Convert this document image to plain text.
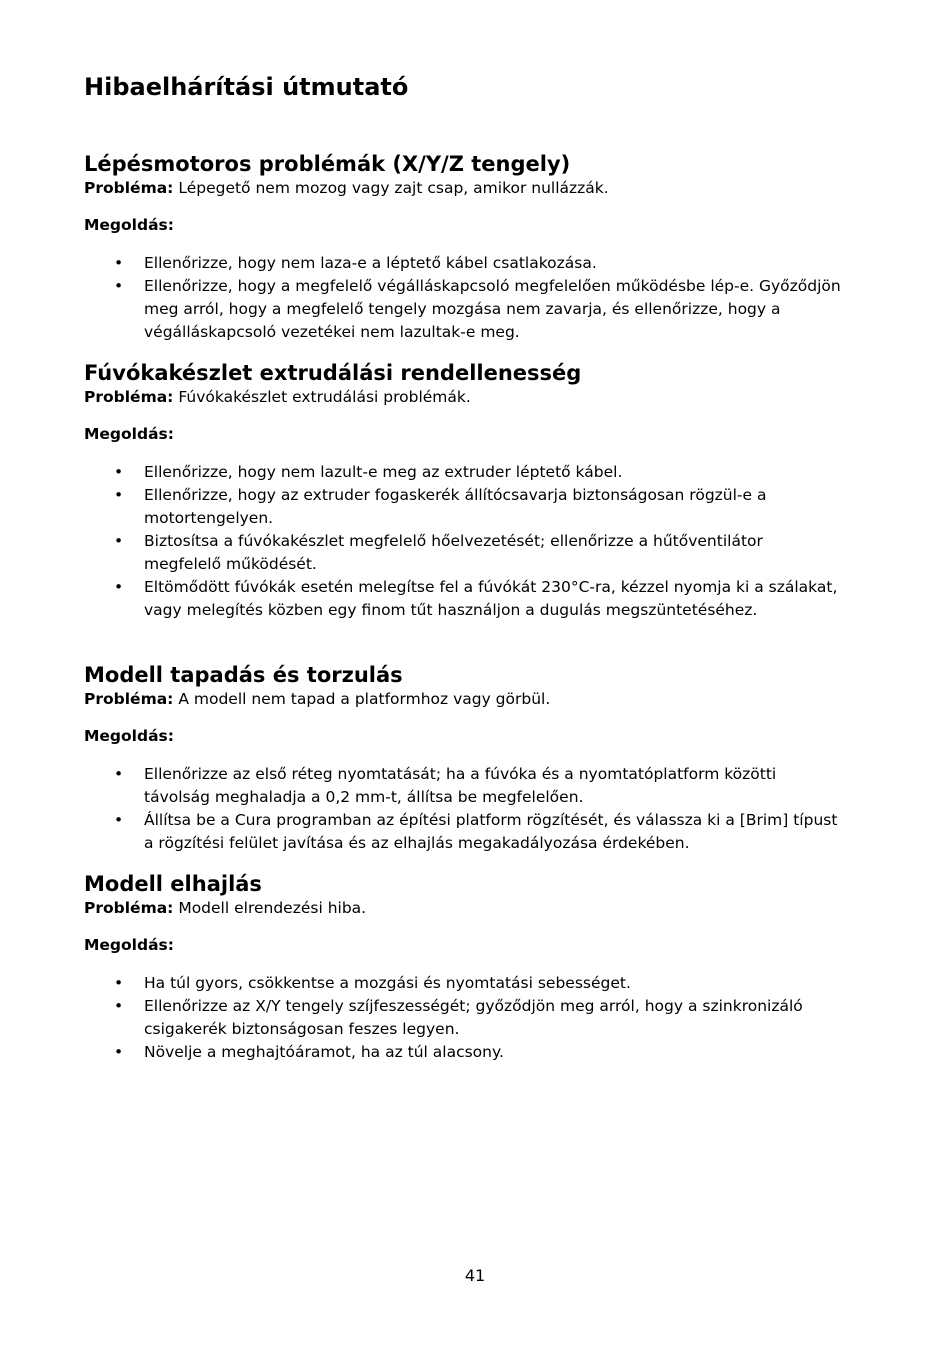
Hibaelhárítási útmutató
Lépésmotoros problémák (X/Y/Z tengely)

Probléma: Lépegető nem mozog vagy zajt csap, amikor nullázzák.

Megoldás:

• Ellenőrizze, hogy nem laza-e a léptető kábel csatlakozása.
• Ellenőrizze, hogy a megfelelő végálláskapcsoló megfelelően működésbe lép-e. Győződjön meg arról, hogy a megfelelő tengely mozgása nem zavarja, és ellenőrizze, hogy a végálláskapcsoló vezetékei nem lazultak-e meg.
Fúvókakészlet extrudálási rendellenesség

Probléma: Fúvókakészlet extrudálási problémák.

Megoldás:

• Ellenőrizze, hogy nem lazult-e meg az extruder léptető kábel.
• Ellenőrizze, hogy az extruder fogaskerék állítócsavarja biztonságosan rögzül-e a motortengelyen.
• Biztosítsa a fúvókakészlet megfelelő hőelvezetését; ellenőrizze a hűtőventilátor megfelelő működését.
• Eltömődött fúvókák esetén melegítse fel a fúvókát 230°C-ra, kézzel nyomja ki a szálakat, vagy melegítés közben egy finom tűt használjon a dugulás megszüntetéséhez.
Modell tapadás és torzulás

Probléma: A modell nem tapad a platformhoz vagy görbül.

Megoldás:

• Ellenőrizze az első réteg nyomtatását; ha a fúvóka és a nyomtatóplatform közötti távolság meghaladja a 0,2 mm-t, állítsa be megfelelően.
• Állítsa be a Cura programban az építési platform rögzítését, és válassza ki a [Brim] típust a rögzítési felület javítása és az elhajlás megakadályozása érdekében.
Modell elhajlás

Probléma: Modell elrendezési hiba.

Megoldás:

• Ha túl gyors, csökkentse a mozgási és nyomtatási sebességet.
• Ellenőrizze az X/Y tengely szíjfeszességét; győződjön meg arról, hogy a szinkronizáló csigakerék biztonságosan feszes legyen.
• Növelje a meghajtóáramot, ha az túl alacsony.
41
